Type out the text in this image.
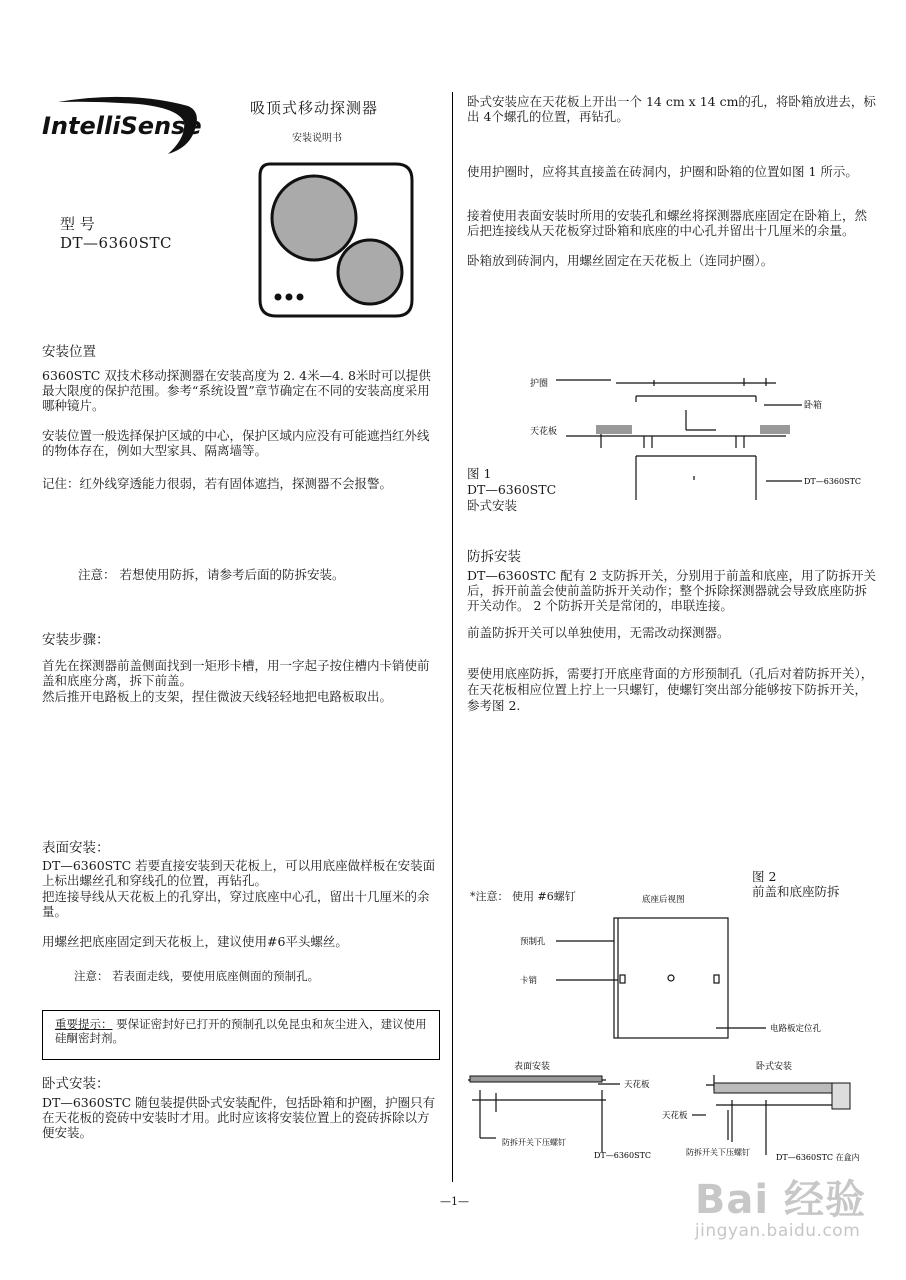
IntelliSense
吸顶式移动探测器
安装说明书
型 号
DT—6360STC
安装位置
6360STC 双技术移动探测器在安装高度为 2. 4米—4. 8米时可以提供最大限度的保护范围。参考“系统设置”章节确定在不同的安装高度采用哪种镜片。
安装位置一般选择保护区域的中心，保护区域内应没有可能遮挡红外线的物体存在，例如大型家具、隔离墙等。
记住：红外线穿透能力很弱，若有固体遮挡，探测器不会报警。
注意： 若想使用防拆，请参考后面的防拆安装。
安装步骤：
首先在探测器前盖侧面找到一矩形卡槽，用一字起子按住槽内卡销使前盖和底座分离，拆下前盖。
然后推开电路板上的支架，捏住微波天线轻轻地把电路板取出。
表面安装：
DT—6360STC 若要直接安装到天花板上，可以用底座做样板在安装面上标出螺丝孔和穿线孔的位置，再钻孔。
把连接导线从天花板上的孔穿出，穿过底座中心孔，留出十几厘米的余量。
用螺丝把底座固定到天花板上，建议使用#6平头螺丝。
注意： 若表面走线，要使用底座侧面的预制孔。
重要提示： 要保证密封好已打开的预制孔以免昆虫和灰尘进入，建议使用硅酮密封剂。
卧式安装：
DT—6360STC 随包装提供卧式安装配件，包括卧箱和护圈，护圈只有在天花板的瓷砖中安装时才用。此时应该将安装位置上的瓷砖拆除以方便安装。
卧式安装应在天花板上开出一个 14 cm x 14 cm的孔，将卧箱放进去，标出 4个螺孔的位置，再钻孔。
使用护圈时，应将其直接盖在砖洞内，护圈和卧箱的位置如图 1 所示。
接着使用表面安装时所用的安装孔和螺丝将探测器底座固定在卧箱上，然后把连接线从天花板穿过卧箱和底座的中心孔并留出十几厘米的余量。
卧箱放到砖洞内，用螺丝固定在天花板上（连同护圈）。
护圈
天花板
卧箱
DT—6360STC
图 1
DT—6360STC
卧式安装
防拆安装
DT—6360STC 配有 2 支防拆开关，分别用于前盖和底座，用了防拆开关后，拆开前盖会使前盖防拆开关动作；整个拆除探测器就会导致底座防拆开关动作。 2 个防拆开关是常闭的，串联连接。
前盖防拆开关可以单独使用，无需改动探测器。
要使用底座防拆，需要打开底座背面的方形预制孔（孔后对着防拆开关），在天花板相应位置上拧上一只螺钉，使螺钉突出部分能够按下防拆开关，参考图 2.
图 2
前盖和底座防拆
*注意： 使用 #6螺钉	底座后视图
预制孔
卡销
电路板定位孔
表面安装	卧式安装
天花板
天花板
防拆开关下压螺钉
DT—6360STC	防拆开关下压螺钉
DT—6360STC 在盒内
—1—	Bai 经验
jingyan.baidu.com
